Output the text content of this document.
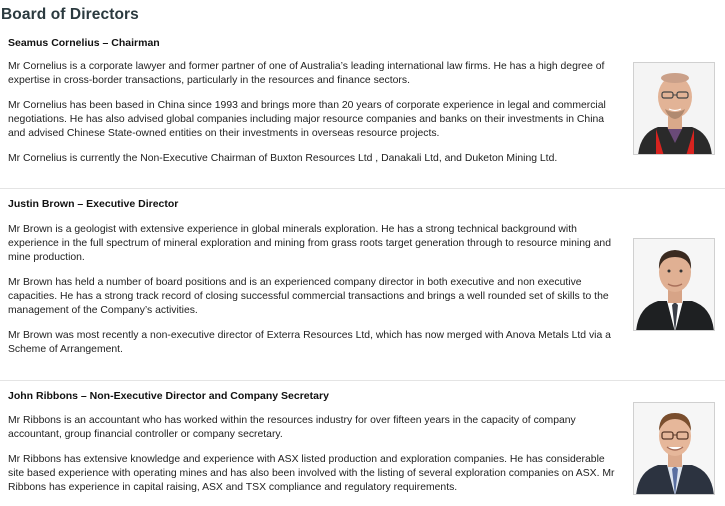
Board of Directors
Seamus Cornelius – Chairman

Mr Cornelius is a corporate lawyer and former partner of one of Australia’s leading international law firms. He has a high degree of expertise in cross-border transactions, particularly in the resources and finance sectors.

Mr Cornelius has been based in China since 1993 and brings more than 20 years of corporate experience in legal and commercial negotiations. He has also advised global companies including major resource companies and banks on their investments in China and advised Chinese State-owned entities on their investments in overseas resource projects.

Mr Cornelius is currently the Non-Executive Chairman of Buxton Resources Ltd , Danakali Ltd, and Duketon Mining Ltd.

Justin Brown – Executive Director

Mr Brown is a geologist with extensive experience in global minerals exploration. He has a strong technical background with experience in the full spectrum of mineral exploration and mining from grass roots target generation through to resource mining and mine production.

Mr Brown has held a number of board positions and is an experienced company director in both executive and non executive capacities. He has a strong track record of closing successful commercial transactions and brings a well rounded set of skills to the management of the Company’s activities.

Mr Brown was most recently a non-executive director of Exterra Resources Ltd, which has now merged with Anova Metals Ltd via a Scheme of Arrangement.

John Ribbons – Non-Executive Director and Company Secretary

Mr Ribbons is an accountant who has worked within the resources industry for over fifteen years in the capacity of company accountant, group financial controller or company secretary.

Mr Ribbons has extensive knowledge and experience with ASX listed production and exploration companies. He has considerable site based experience with operating mines and has also been involved with the listing of several exploration companies on ASX. Mr Ribbons has experience in capital raising, ASX and TSX compliance and regulatory requirements.
